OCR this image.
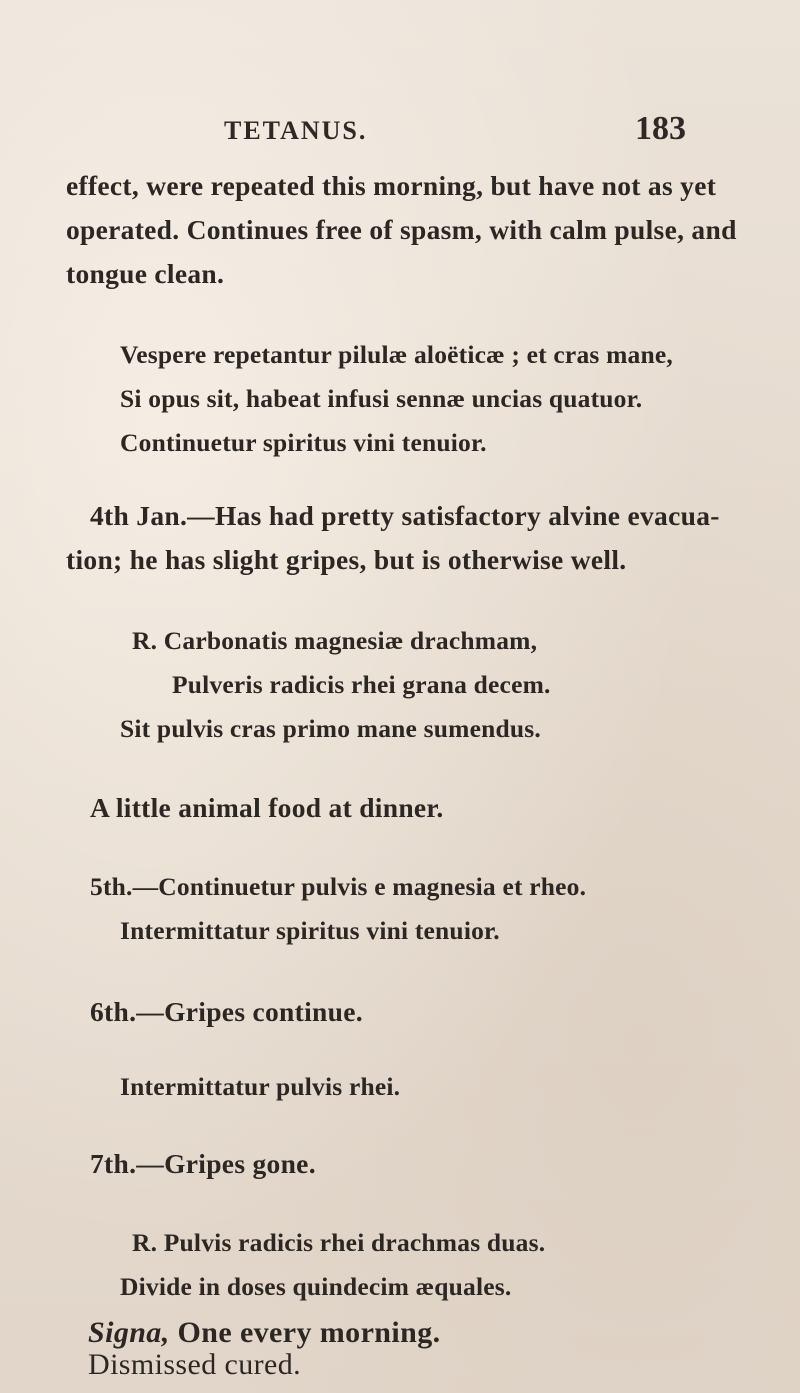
TETANUS.	183
effect, were repeated this morning, but have not as yet
operated. Continues free of spasm, with calm pulse, and
tongue clean.
Vespere repetantur pilulæ aloëticæ ; et cras mane,
Si opus sit, habeat infusi sennæ uncias quatuor.
Continuetur spiritus vini tenuior.
4th Jan.—Has had pretty satisfactory alvine evacua-
tion; he has slight gripes, but is otherwise well.
R. Carbonatis magnesiæ drachmam,
Pulveris radicis rhei grana decem.
Sit pulvis cras primo mane sumendus.
A little animal food at dinner.
5th.—Continuetur pulvis e magnesia et rheo.
Intermittatur spiritus vini tenuior.
6th.—Gripes continue.
Intermittatur pulvis rhei.
7th.—Gripes gone.
R. Pulvis radicis rhei drachmas duas.
Divide in doses quindecim æquales.
Signa, One every morning.
Dismissed cured.
